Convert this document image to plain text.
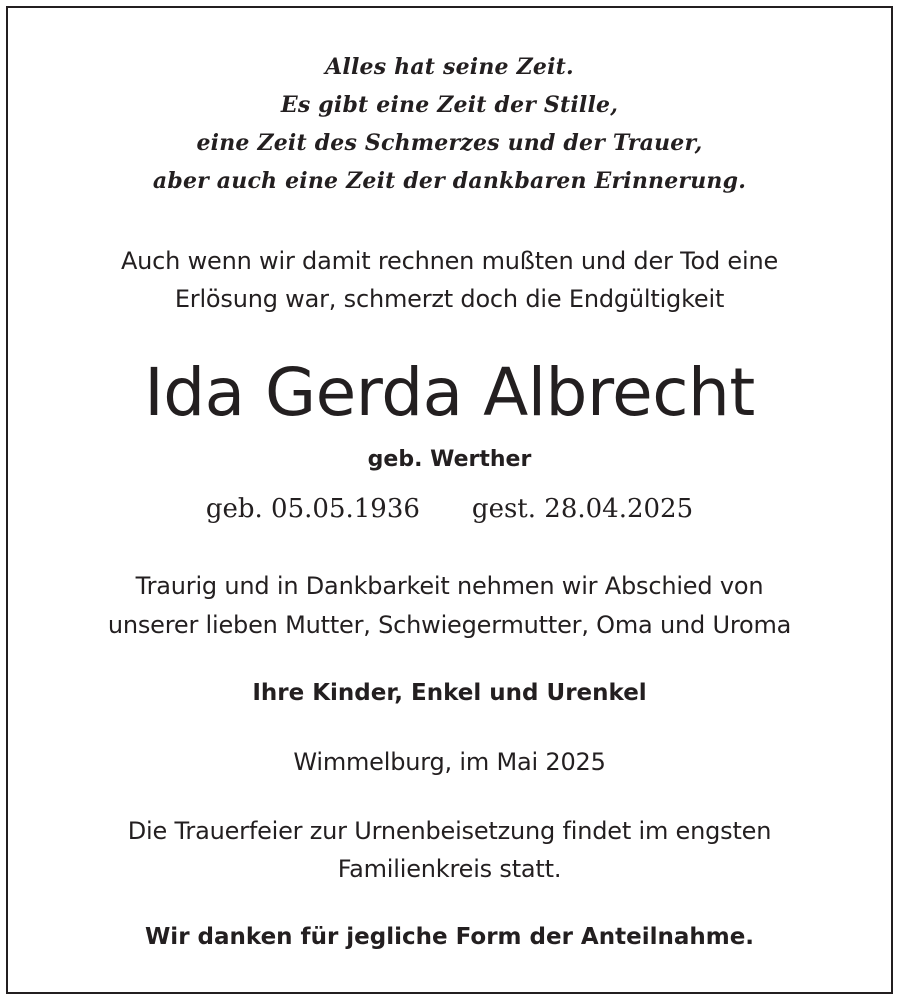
Alles hat seine Zeit.

Es gibt eine Zeit der Stille,

eine Zeit des Schmerzes und der Trauer,

aber auch eine Zeit der dankbaren Erinnerung.

Auch wenn wir damit rechnen mußten und der Tod eine

Erlösung war, schmerzt doch die Endgültigkeit

Ida Gerda Albrecht

geb. Werther

geb. 05.05.1936 gest. 28.04.2025

Traurig und in Dankbarkeit nehmen wir Abschied von

unserer lieben Mutter, Schwiegermutter, Oma und Uroma

Ihre Kinder, Enkel und Urenkel

Wimmelburg, im Mai 2025

Die Trauerfeier zur Urnenbeisetzung findet im engsten

Familienkreis statt.

Wir danken für jegliche Form der Anteilnahme.
